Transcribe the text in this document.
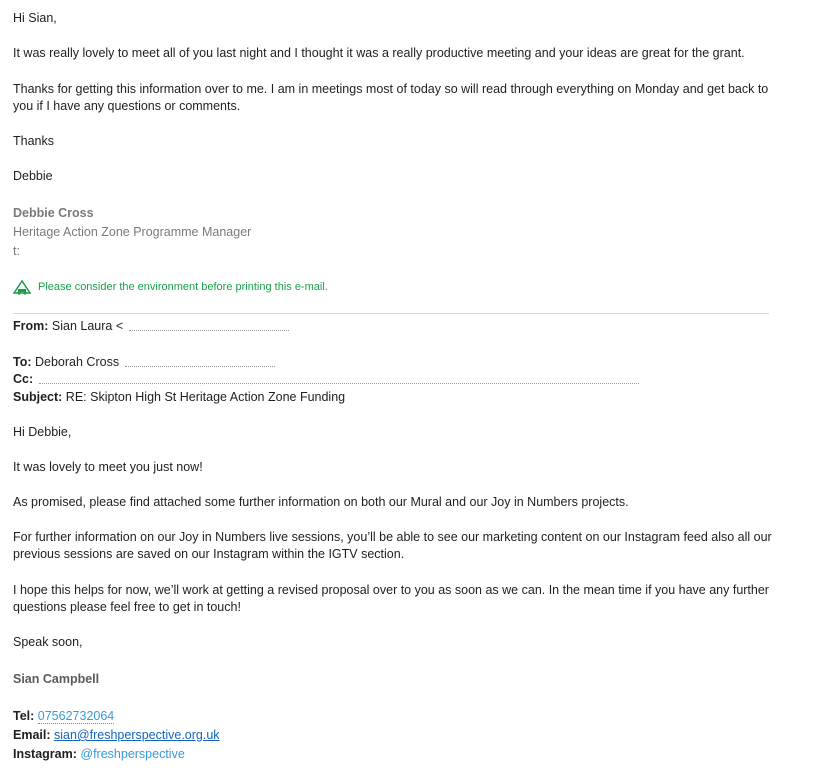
Hi Sian,
It was really lovely to meet all of you last night and I thought it was a really productive meeting and your ideas are great for the grant.
Thanks for getting this information over to me. I am in meetings most of today so will read through everything on Monday and get back to you if I have any questions or comments.
Thanks
Debbie
Debbie Cross
Heritage Action Zone Programme Manager
t:
Please consider the environment before printing this e-mail.
From: Sian Laura <
To: Deborah Cross
Cc:
Subject: RE: Skipton High St Heritage Action Zone Funding
Hi Debbie,
It was lovely to meet you just now!
As promised, please find attached some further information on both our Mural and our Joy in Numbers projects.
For further information on our Joy in Numbers live sessions, you’ll be able to see our marketing content on our Instagram feed also all our previous sessions are saved on our Instagram within the IGTV section.
I hope this helps for now, we’ll work at getting a revised proposal over to you as soon as we can. In the mean time if you have any further questions please feel free to get in touch!
Speak soon,
Sian Campbell
Tel: 07562732064
Email: sian@freshperspective.org.uk
Instagram: @freshperspective
